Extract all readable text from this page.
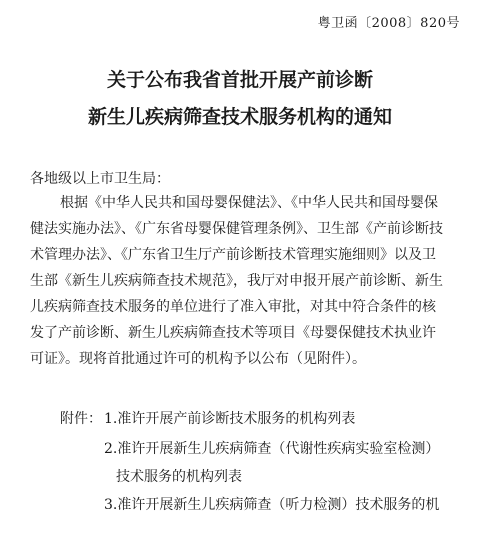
粤卫函〔2008〕820号
关于公布我省首批开展产前诊断
新生儿疾病筛查技术服务机构的通知
各地级以上市卫生局：
根据《中华人民共和国母婴保健法》、《中华人民共和国母婴保
健法实施办法》、《广东省母婴保健管理条例》、卫生部《产前诊断技
术管理办法》、《广东省卫生厅产前诊断技术管理实施细则》以及卫
生部《新生儿疾病筛查技术规范》，我厅对申报开展产前诊断、新生
儿疾病筛查技术服务的单位进行了准入审批，对其中符合条件的核
发了产前诊断、新生儿疾病筛查技术等项目《母婴保健技术执业许
可证》。现将首批通过许可的机构予以公布（见附件）。
附件： 1.准许开展产前诊断技术服务的机构列表
2.准许开展新生儿疾病筛查（代谢性疾病实验室检测）
技术服务的机构列表
3.准许开展新生儿疾病筛查（听力检测）技术服务的机
